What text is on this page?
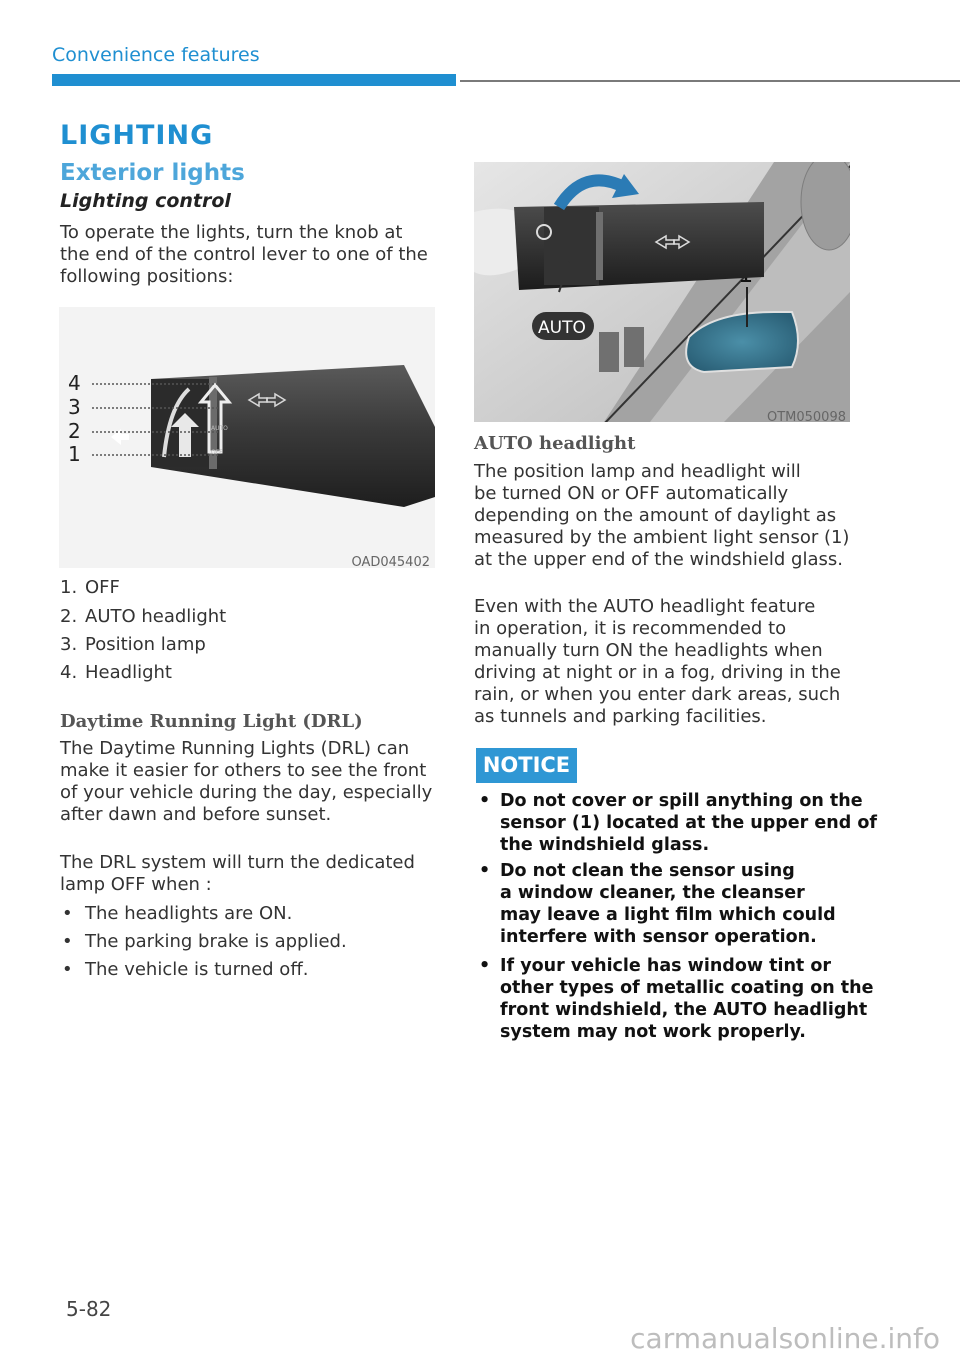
Convenience features
LIGHTING
Exterior lights
Lighting control
To operate the lights, turn the knob at
the end of the control lever to one of the
following positions:
4
3
2
1
AUTO
OFF
OAD045402
1. OFF
2. AUTO headlight
3. Position lamp
4. Headlight
Daytime Running Light (DRL)
The Daytime Running Lights (DRL) can
make it easier for others to see the front
of your vehicle during the day, especially
after dawn and before sunset.
The DRL system will turn the dedicated
lamp OFF when :
• The headlights are ON.
• The parking brake is applied.
• The vehicle is turned off.
AUTO
OTM050098
AUTO headlight
The position lamp and headlight will
be turned ON or OFF automatically
depending on the amount of daylight as
measured by the ambient light sensor (1)
at the upper end of the windshield glass.
Even with the AUTO headlight feature
in operation, it is recommended to
manually turn ON the headlights when
driving at night or in a fog, driving in the
rain, or when you enter dark areas, such
as tunnels and parking facilities.
NOTICE
• Do not cover or spill anything on the
sensor (1) located at the upper end of
the windshield glass.
• Do not clean the sensor using
a window cleaner, the cleanser
may leave a light film which could
interfere with sensor operation.
• If your vehicle has window tint or
other types of metallic coating on the
front windshield, the AUTO headlight
system may not work properly.
5-82
carmanualsonline.info
